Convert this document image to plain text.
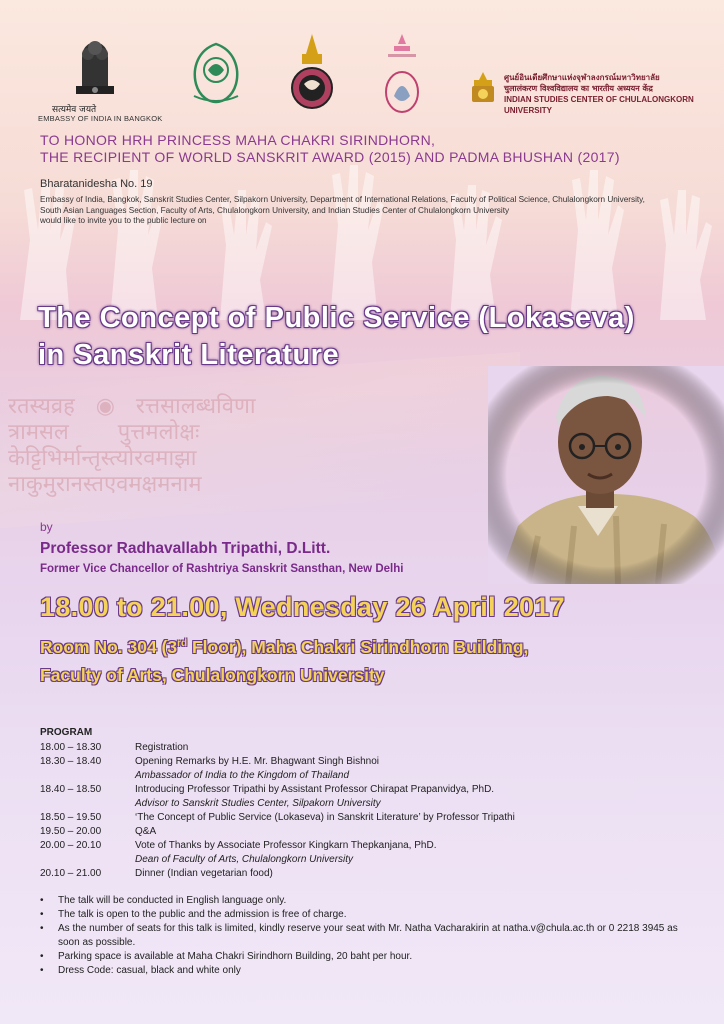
रतस्यव्रह   ◉   रत्तसालब्धविणा
त्रामसल       पुत्तमलोक्षः
केट्टिभिर्मान्तृस्त्योरवमाझा
नाकुमुरानस्तएवमक्षमनाम
सत्यमेव जयते
EMBASSY OF INDIA IN BANGKOK
ศูนย์อินเดียศึกษาแห่งจุฬาลงกรณ์มหาวิทยาลัย
चुलालंकरण विश्वविद्यालय का भारतीय अध्ययन केंद्र
INDIAN STUDIES CENTER OF CHULALONGKORN UNIVERSITY
TO HONOR HRH PRINCESS MAHA CHAKRI SIRINDHORN,
THE RECIPIENT OF WORLD SANSKRIT AWARD (2015) AND PADMA BHUSHAN (2017)
Bharatanidesha No. 19
Embassy of India, Bangkok, Sanskrit Studies Center, Silpakorn University, Department of International Relations, Faculty of Political Science, Chulalongkorn University,
South Asian Languages Section, Faculty of Arts, Chulalongkorn University, and Indian Studies Center of Chulalongkorn University
would like to invite you to the public lecture on
The Concept of Public Service (Lokaseva)
in Sanskrit Literature
by
Professor Radhavallabh Tripathi, D.Litt.
Former Vice Chancellor of Rashtriya Sanskrit Sansthan, New Delhi
18.00 to 21.00, Wednesday 26 April 2017
Room No. 304 (3rd Floor), Maha Chakri Sirindhorn Building,
Faculty of Arts, Chulalongkorn University
PROGRAM
18.00 – 18.30	Registration
18.30 – 18.40	Opening Remarks by H.E. Mr. Bhagwant Singh Bishnoi
Ambassador of India to the Kingdom of Thailand
18.40 – 18.50	Introducing Professor Tripathi by Assistant Professor Chirapat Prapanvidya, PhD.
Advisor to Sanskrit Studies Center, Silpakorn University
18.50 – 19.50	‘The Concept of Public Service (Lokaseva) in Sanskrit Literature’ by Professor Tripathi
19.50 – 20.00	Q&A
20.00 – 20.10	Vote of Thanks by Associate Professor Kingkarn Thepkanjana, PhD.
Dean of Faculty of Arts, Chulalongkorn University
20.10 – 21.00	Dinner (Indian vegetarian food)
•	The talk will be conducted in English language only.
•	The talk is open to the public and the admission is free of charge.
•	As the number of seats for this talk is limited, kindly reserve your seat with Mr. Natha Vacharakirin at natha.v@chula.ac.th or 0 2218 3945 as soon as possible.
•	Parking space is available at Maha Chakri Sirindhorn Building, 20 baht per hour.
•	Dress Code: casual, black and white only
